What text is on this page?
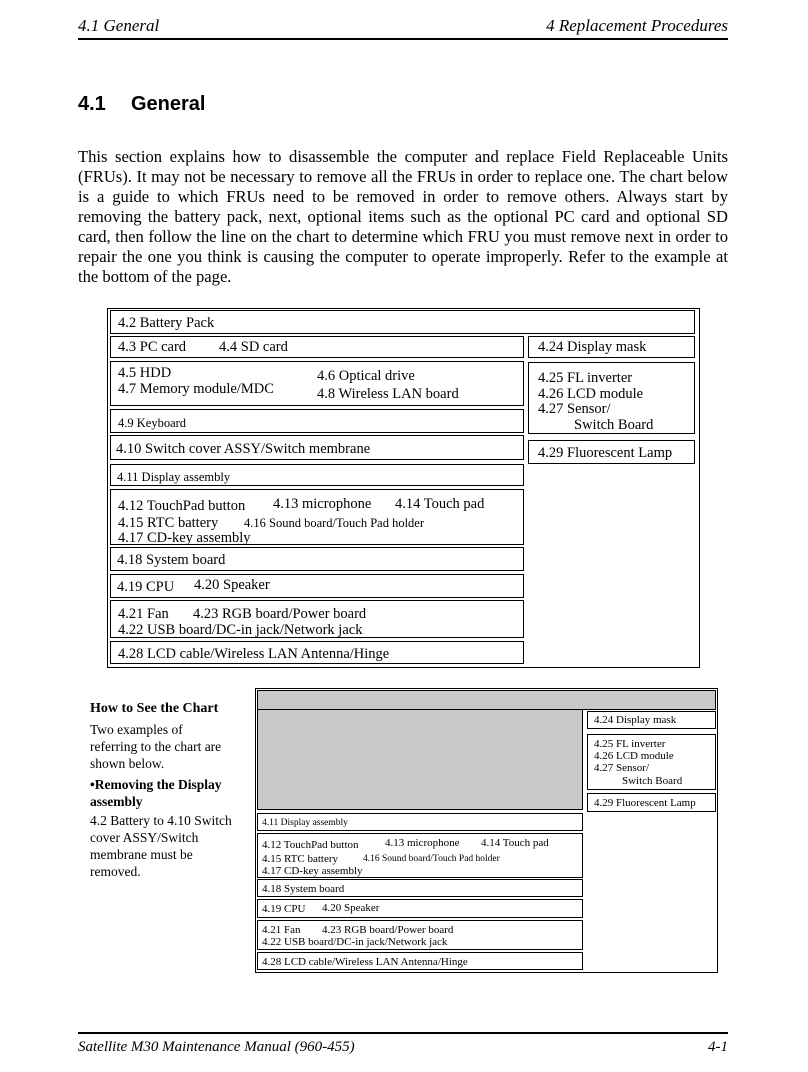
4.1 General	4 Replacement Procedures
4.1 General
This section explains how to disassemble the computer and replace Field Replaceable Units (FRUs). It may not be necessary to remove all the FRUs in order to replace one. The chart below is a guide to which FRUs need to be removed in order to remove others. Always start by removing the battery pack, next, optional items such as the optional PC card and optional SD card, then follow the line on the chart to determine which FRU you must remove next in order to repair the one you think is causing the computer to operate improperly. Refer to the example at the bottom of the page.
4.2 Battery Pack
4.3 PC card 4.4 SD card
4.5 HDD
4.7 Memory module/MDC
4.6 Optical drive
4.8 Wireless LAN board
4.9 Keyboard
4.10 Switch cover ASSY/Switch membrane
4.11 Display assembly
4.12 TouchPad button 4.13 microphone 4.14 Touch pad
4.15 RTC battery 4.16 Sound board/Touch Pad holder
4.17 CD-key assembly
4.18 System board
4.19 CPU 4.20 Speaker
4.21 Fan 4.23 RGB board/Power board
4.22 USB board/DC-in jack/Network jack
4.28 LCD cable/Wireless LAN Antenna/Hinge
4.24 Display mask
4.25 FL inverter
4.26 LCD module
4.27 Sensor/
Switch Board
4.29 Fluorescent Lamp
How to See the Chart
Two examples of referring to the chart are shown below.
•Removing the Display assembly
4.2 Battery to 4.10 Switch cover ASSY/Switch membrane must be removed.
4.11 Display assembly
4.12 TouchPad button 4.13 microphone 4.14 Touch pad
4.15 RTC battery	4.16 Sound board/Touch Pad holder
4.17 CD-key assembly
4.18 System board
4.19 CPU 4.20 Speaker
4.21 Fan 4.23 RGB board/Power board
4.22 USB board/DC-in jack/Network jack
4.28 LCD cable/Wireless LAN Antenna/Hinge
4.24 Display mask
4.25 FL inverter
4.26 LCD module
4.27 Sensor/
Switch Board
4.29 Fluorescent Lamp
Satellite M30 Maintenance Manual (960-455)	4-1
